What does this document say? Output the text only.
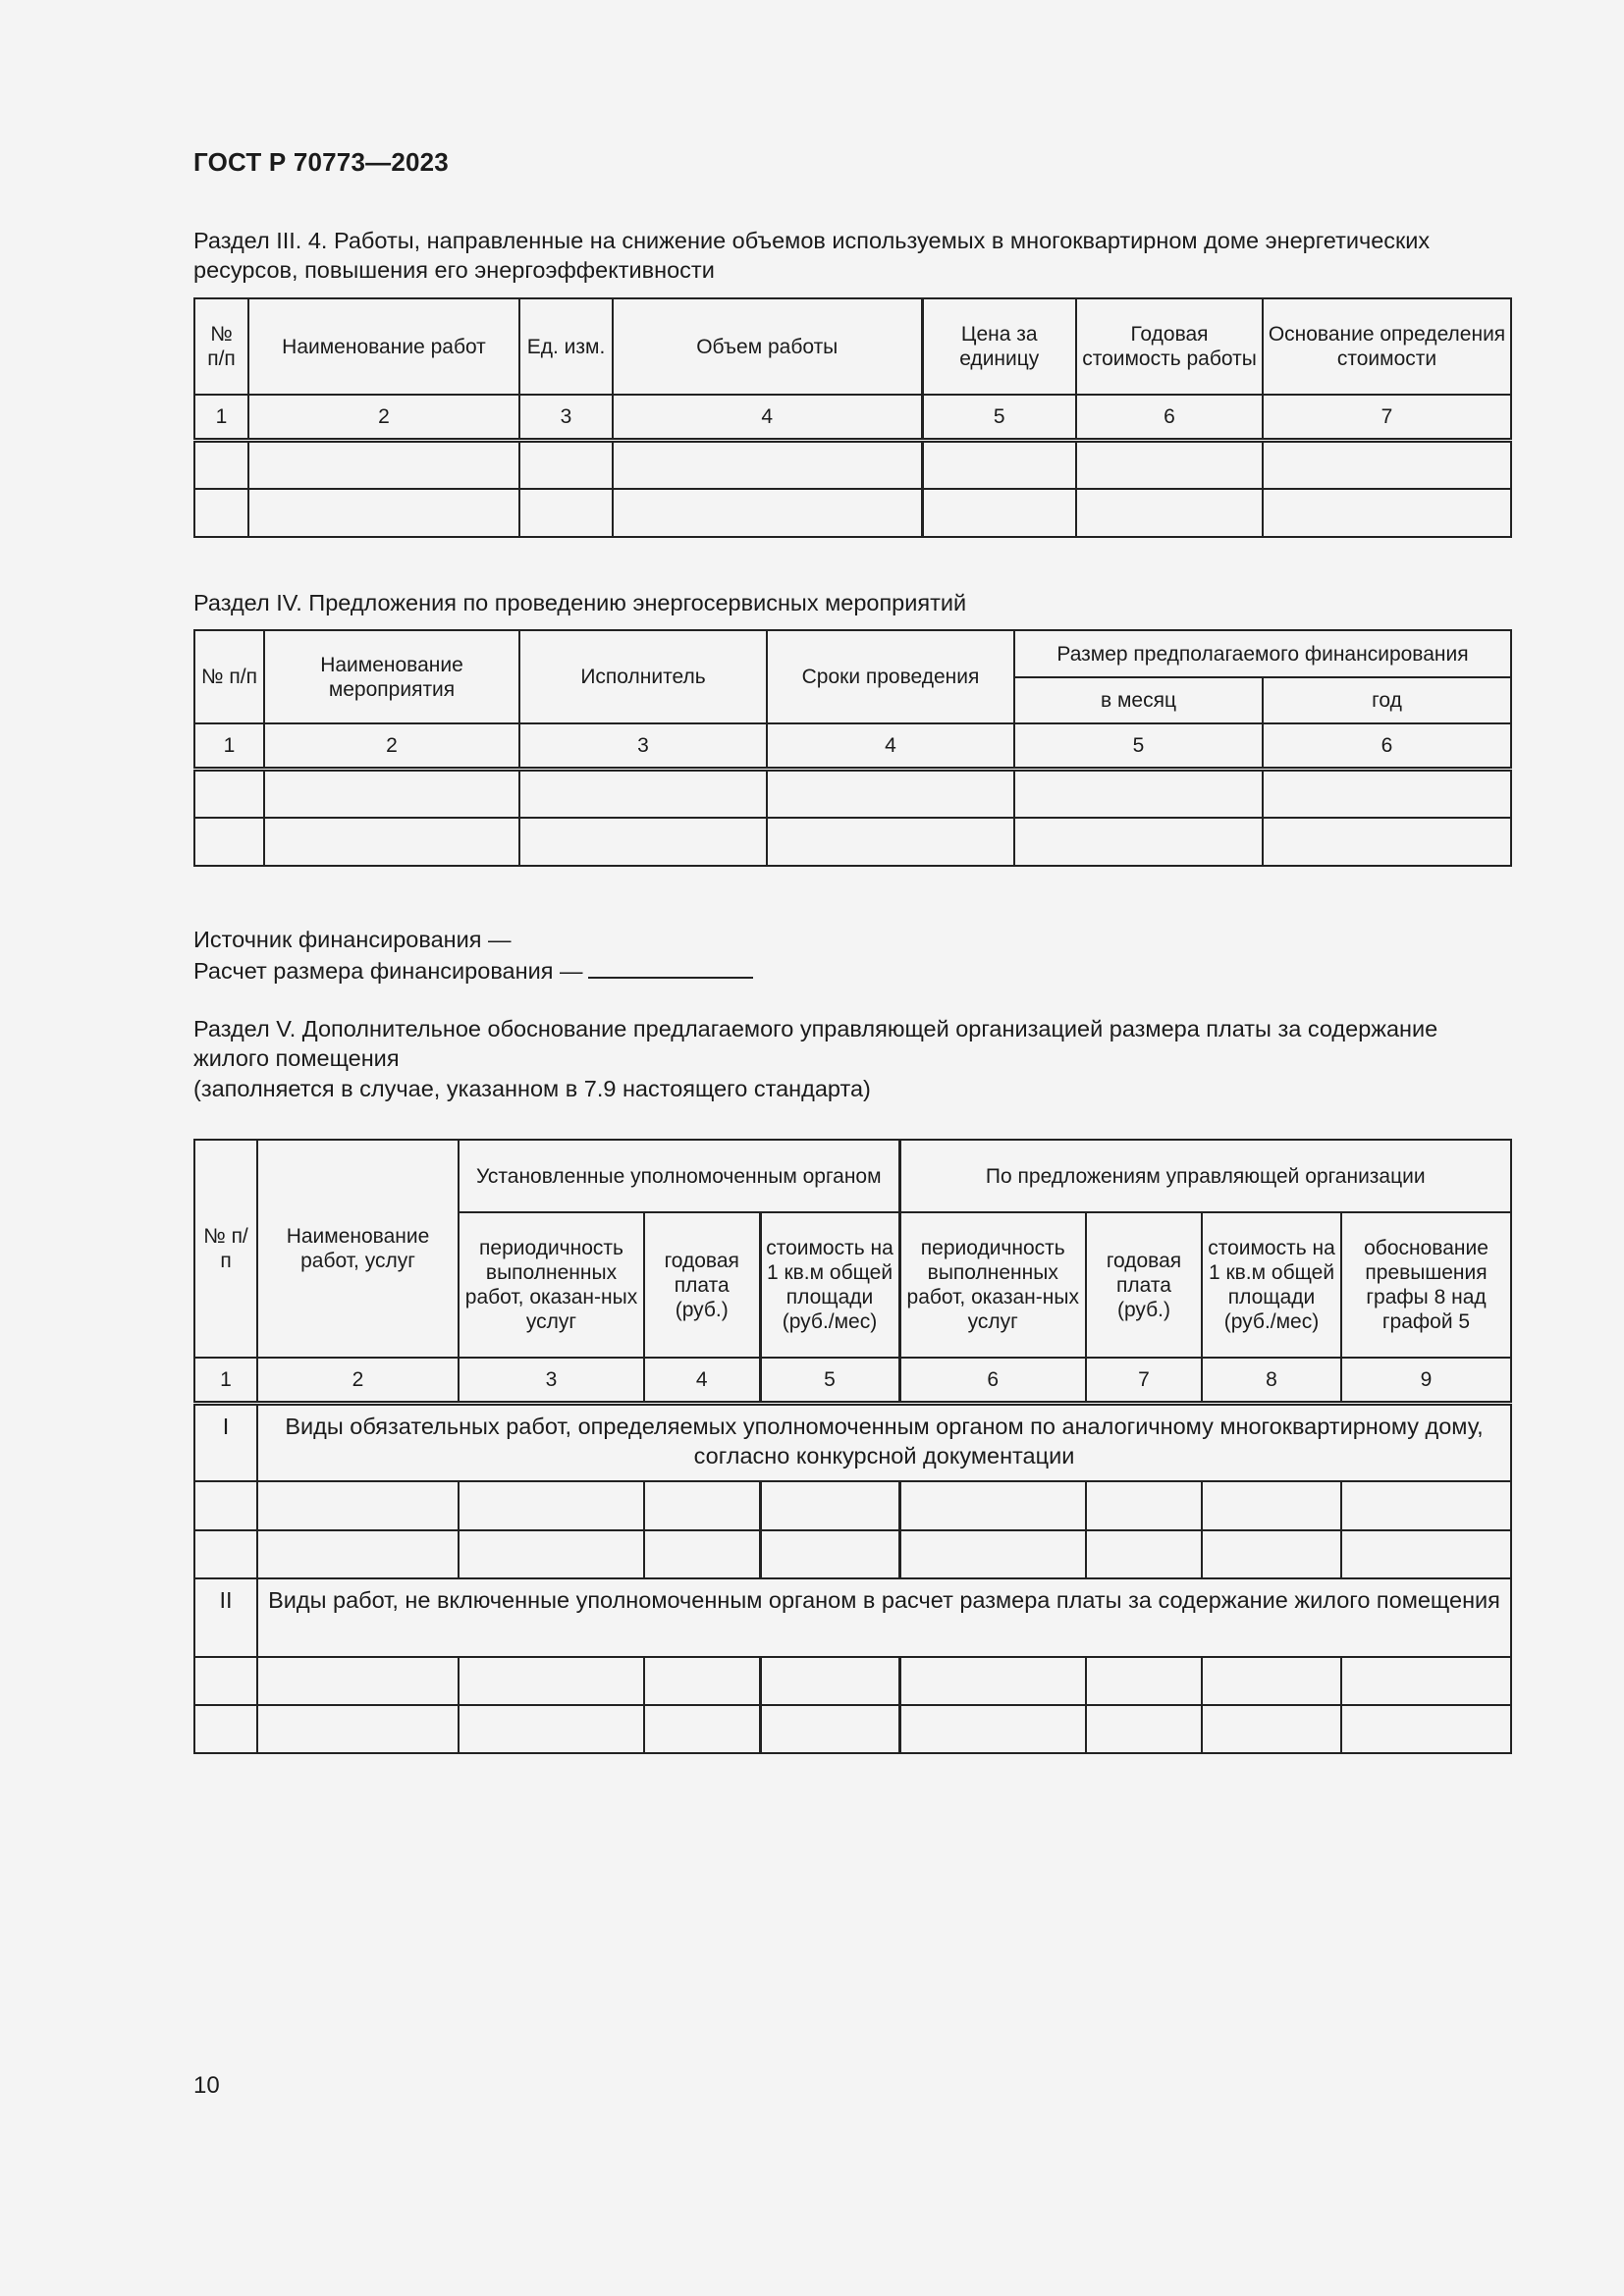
ГОСТ Р 70773—2023
Раздел III. 4. Работы, направленные на снижение объемов используемых в многоквартирном доме энергетических ресурсов, повышения его энергоэффективности
№ п/п	Наименование работ	Ед. изм.	Объем работы	Цена за единицу	Годовая стоимость работы	Основание определения стоимости
1	2	3	4	5	6	7

Раздел IV. Предложения по проведению энергосервисных мероприятий
№ п/п	Наименование мероприятия	Исполнитель	Сроки проведения	Размер предполагаемого финансирования	
				в месяц	год
1	2	3	4	5	6

Источник финансирования —
Расчет размера финансирования —
Раздел V. Дополнительное обоснование предлагаемого управляющей организацией размера платы за содержание жилого помещения
(заполняется в случае, указанном в 7.9 настоящего стандарта)
№ п/п	Наименование работ, услуг	Установленные уполномоченным органом			По предложениям управляющей организации			
		периодичность выполненных работ, оказан-ных услуг	годовая плата (руб.)	стоимость на 1 кв.м общей площади (руб./мес)	периодичность выполненных работ, оказан-ных услуг	годовая плата (руб.)	стоимость на 1 кв.м общей площади (руб./мес)	обоснование превышения графы 8 над графой 5
1	2	3	4	5	6	7	8	9
I	Виды обязательных работ, определяемых уполномоченным органом по аналогичному многоквартирному дому, согласно конкурсной документации							

II	Виды работ, не включенные уполномоченным органом в расчет размера платы за содержание жилого помещения							

10
